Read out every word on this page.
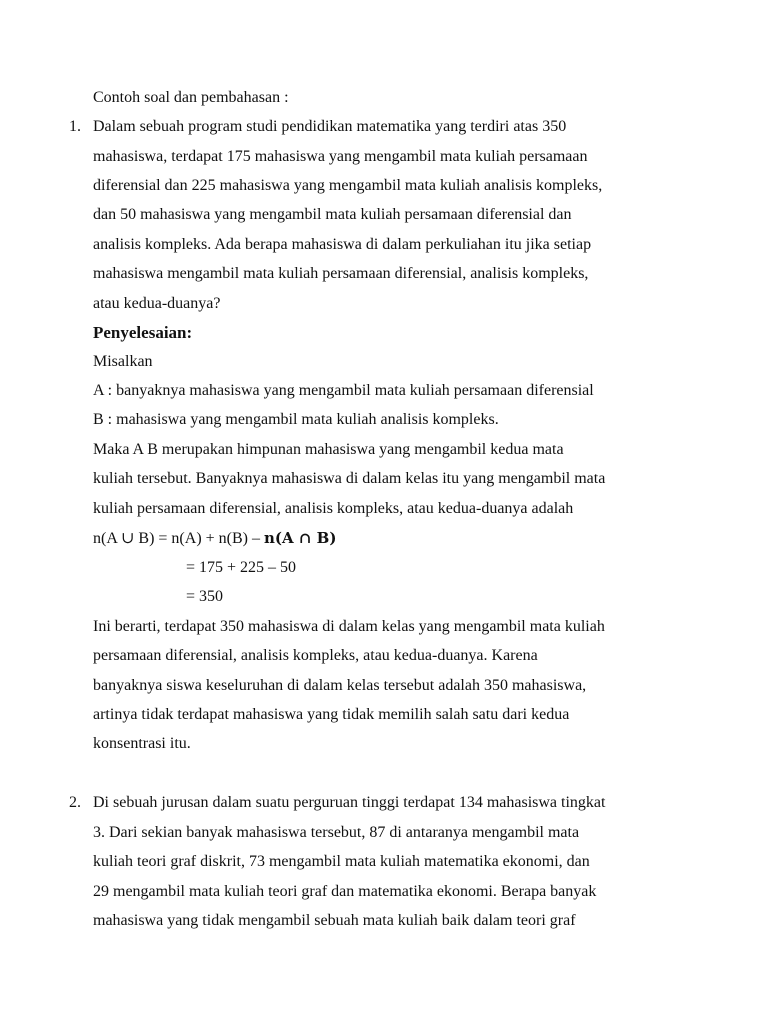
Contoh soal dan pembahasan :
1. Dalam sebuah program studi pendidikan matematika yang terdiri atas 350
mahasiswa, terdapat 175 mahasiswa yang mengambil mata kuliah persamaan
diferensial dan 225 mahasiswa yang mengambil mata kuliah analisis kompleks,
dan 50 mahasiswa yang mengambil mata kuliah persamaan diferensial dan
analisis kompleks. Ada berapa mahasiswa di dalam perkuliahan itu jika setiap
mahasiswa mengambil mata kuliah persamaan diferensial, analisis kompleks,
atau kedua-duanya?
Penyelesaian:
Misalkan
A : banyaknya mahasiswa yang mengambil mata kuliah persamaan diferensial
B : mahasiswa yang mengambil mata kuliah analisis kompleks.
Maka A B merupakan himpunan mahasiswa yang mengambil kedua mata
kuliah tersebut. Banyaknya mahasiswa di dalam kelas itu yang mengambil mata
kuliah persamaan diferensial, analisis kompleks, atau kedua-duanya adalah
n(A ∪ B) = n(A) + n(B) – n(A ∩ B)
= 175 + 225 – 50
= 350
Ini berarti, terdapat 350 mahasiswa di dalam kelas yang mengambil mata kuliah
persamaan diferensial, analisis kompleks, atau kedua-duanya. Karena
banyaknya siswa keseluruhan di dalam kelas tersebut adalah 350 mahasiswa,
artinya tidak terdapat mahasiswa yang tidak memilih salah satu dari kedua
konsentrasi itu.
2. Di sebuah jurusan dalam suatu perguruan tinggi terdapat 134 mahasiswa tingkat
3. Dari sekian banyak mahasiswa tersebut, 87 di antaranya mengambil mata
kuliah teori graf diskrit, 73 mengambil mata kuliah matematika ekonomi, dan
29 mengambil mata kuliah teori graf dan matematika ekonomi. Berapa banyak
mahasiswa yang tidak mengambil sebuah mata kuliah baik dalam teori graf
